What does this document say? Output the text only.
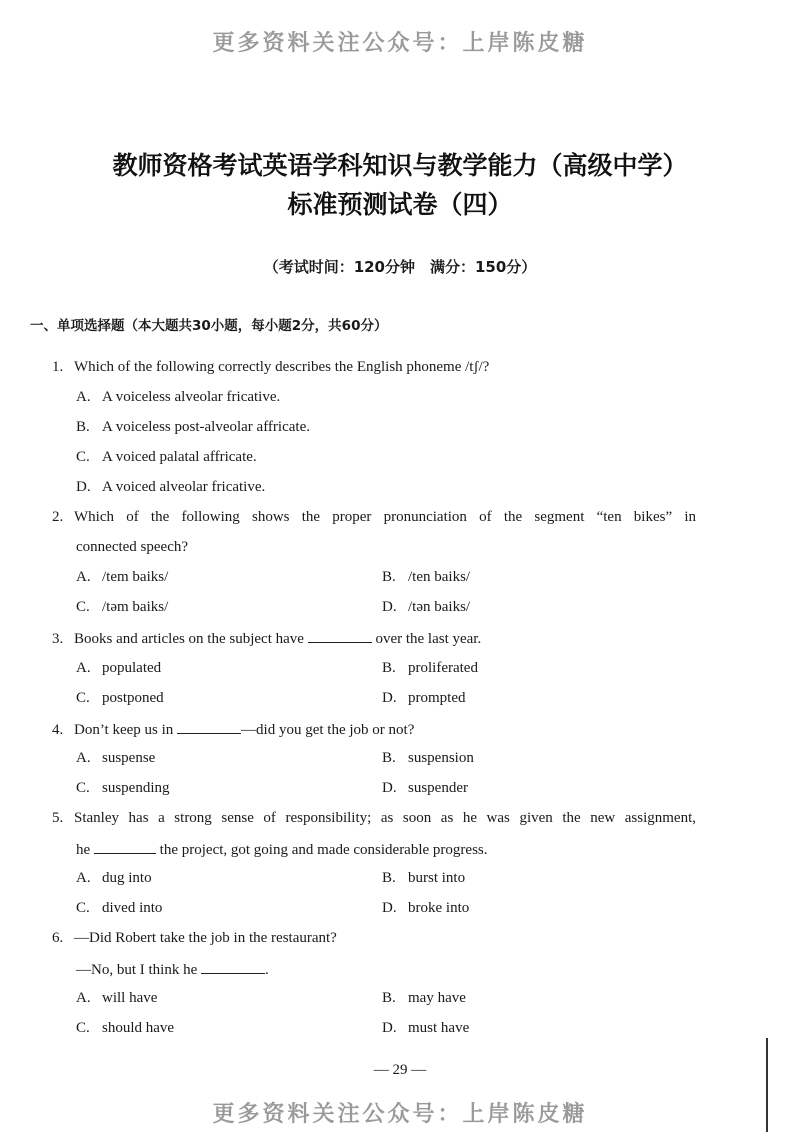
更多资料关注公众号：上岸陈皮糖
教师资格考试英语学科知识与教学能力（高级中学）
标准预测试卷（四）
（考试时间：120分钟　满分：150分）
一、单项选择题（本大题共30小题，每小题2分，共60分）
1. Which of the following correctly describes the English phoneme /tʃ/?
A. A voiceless alveolar fricative.
B. A voiceless post-alveolar affricate.
C. A voiced palatal affricate.
D. A voiced alveolar fricative.
2. Which of the following shows the proper pronunciation of the segment “ten bikes” in
connected speech?
A. /tem baiks/	B. /ten baiks/
C. /təm baiks/	D. /tən baiks/
3. Books and articles on the subject have	over the last year.
A. populated	B. proliferated
C. postponed	D. prompted
4. Don’t keep us in	—did you get the job or not?
A. suspense	B. suspension
C. suspending	D. suspender
5. Stanley has a strong sense of responsibility; as soon as he was given the new assignment,
he	the project, got going and made considerable progress.
A. dug into	B. burst into
C. dived into	D. broke into
6. —Did Robert take the job in the restaurant?
—No, but I think he	.
A. will have	B. may have
C. should have	D. must have
— 29 —
更多资料关注公众号：上岸陈皮糖
